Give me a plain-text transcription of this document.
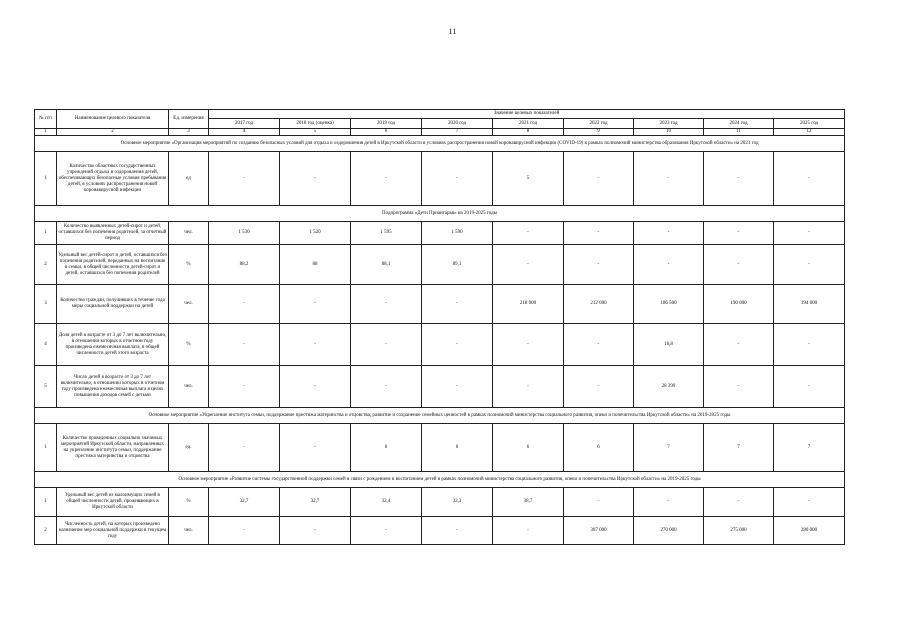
11
№ п/п	Наименование целевого показателя	Ед. измерения	Значение целевых показателей								
			2017 год	2018 год (оценка)	2019 год	2020 год	2021 год	2022 год	2023 год	2024 год	2025 год
1	2	3	4	5	6	7	8	9	10	11	12
Основное мероприятие «Организация мероприятий по созданию безопасных условий для отдыха и оздоровления детей в Иркутской области в условиях распространения новой коронавирусной инфекции (COVID-19) в рамках полномочий министерства образования Иркутской области» на 2021 год											
1	Количество областных государственных учреждений отдыха и оздоровления детей, обеспечивающих безопасные условия пребывания детей, в условиях распространения новой коронавирусной инфекции	ед	-	-	-	-	5	-	-	-	-
Подпрограмма «Дети Приангарья» на 2019-2025 годы											
1	Количество выявленных детей-сирот и детей, оставшихся без попечения родителей, за отчетный период	чел.	1 530	1 520	1 595	1 590	-	-	-	-	-
2	Удельный вес детей-сирот и детей, оставшихся без попечения родителей, переданных на воспитание в семьи, в общей численности детей-сирот и детей, оставшихся без попечения родителей	%	88,2	88	88,1	89,1	-	-	-	-	-
3	Количество граждан, получивших в течение года меры социальной поддержки на детей	чел.	-	-	-	-	218 000	212 000	186 500	190 000	194 000
4	Доля детей в возрасте от 3 до 7 лет включительно, в отношении которых в отчетном году произведена ежемесячная выплата, в общей численности детей этого возраста	%	-	-	-	-	-	-	18,8	-	-
5	Число детей в возрасте от 3 до 7 лет включительно, в отношении которых в отчетном году произведена ежемесячная выплата в целях повышения доходов семей с детьми	чел.	-	-	-	-	-	-	28 399	-	-
Основное мероприятие «Укрепление института семьи, поддержание престижа материнства и отцовства, развитие и сохранение семейных ценностей в рамках полномочий министерства социального развития, опеки и попечительства Иркутской области» на 2019-2025 годы											
1	Количество проведенных социально значимых мероприятий Иркутской области, направленных на укрепление института семьи, поддержание престижа материнства и отцовства	ед.	-	-	6	6	6	6	7	7	7
Основное мероприятие «Развитие системы государственной поддержки семей в связи с рождением и воспитанием детей в рамках полномочий министерства социального развития, опеки и попечительства Иркутской области» на 2019-2025 годы											
1	Удельный вес детей из малоимущих семей в общей численности детей, проживающих в Иркутской области	%	32,7	32,7	32,4	32,3	38,7	-	-	-	-
2	Численность детей, на которых произведено назначение мер социальной поддержки в текущем году	чел.	-	-	-	-	-	307 000	270 000	275 000	280 000
